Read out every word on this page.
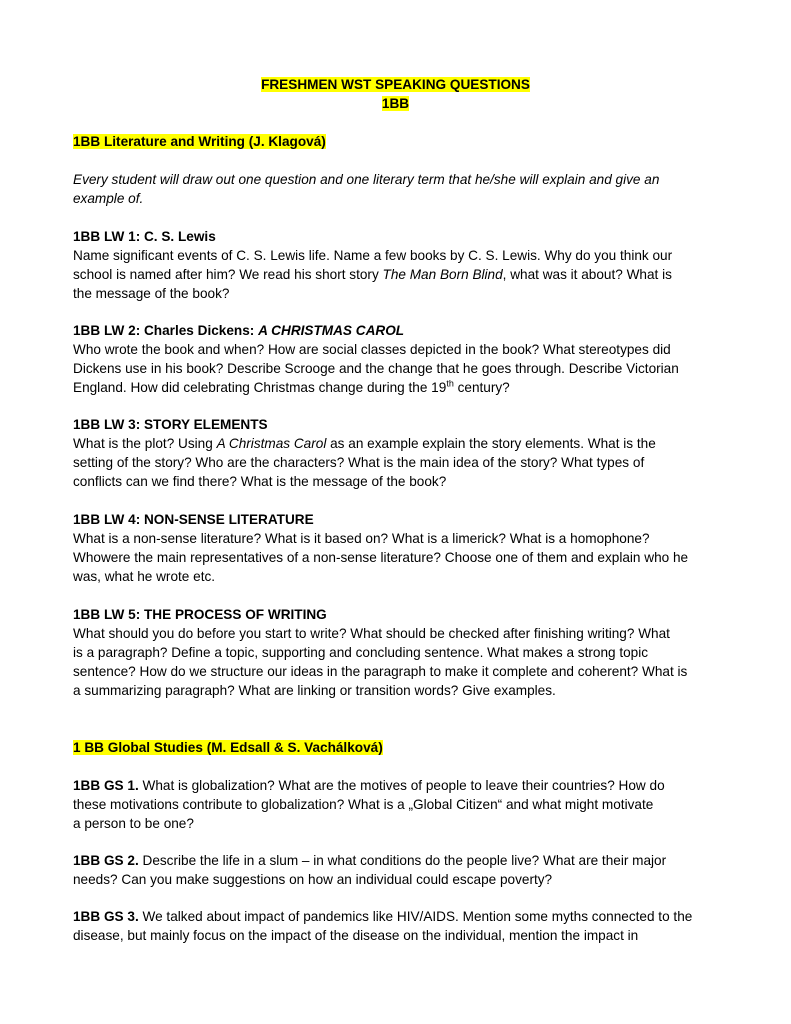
FRESHMEN WST SPEAKING QUESTIONS
1BB
1BB Literature and Writing (J. Klagová)
Every student will draw out one question and one literary term that he/she will explain and give an
example of.
1BB LW 1: C. S. Lewis
Name significant events of C. S. Lewis life. Name a few books by C. S. Lewis. Why do you think our
school is named after him? We read his short story The Man Born Blind, what was it about? What is
the message of the book?
1BB LW 2: Charles Dickens: A CHRISTMAS CAROL
Who wrote the book and when? How are social classes depicted in the book? What stereotypes did
Dickens use in his book? Describe Scrooge and the change that he goes through. Describe Victorian
England. How did celebrating Christmas change during the 19th century?
1BB LW 3: STORY ELEMENTS
What is the plot? Using A Christmas Carol as an example explain the story elements. What is the
setting of the story? Who are the characters? What is the main idea of the story? What types of
conflicts can we find there? What is the message of the book?
1BB LW 4: NON-SENSE LITERATURE
What is a non-sense literature? What is it based on? What is a limerick? What is a homophone?
Whowere the main representatives of a non-sense literature? Choose one of them and explain who he
was, what he wrote etc.
1BB LW 5: THE PROCESS OF WRITING
What should you do before you start to write? What should be checked after finishing writing? What
is a paragraph? Define a topic, supporting and concluding sentence. What makes a strong topic
sentence? How do we structure our ideas in the paragraph to make it complete and coherent? What is
a summarizing paragraph? What are linking or transition words? Give examples.
1 BB Global Studies (M. Edsall & S. Vachálková)
1BB GS 1. What is globalization? What are the motives of people to leave their countries? How do
these motivations contribute to globalization? What is a „Global Citizen“ and what might motivate
a person to be one?
1BB GS 2. Describe the life in a slum – in what conditions do the people live? What are their major
needs? Can you make suggestions on how an individual could escape poverty?
1BB GS 3. We talked about impact of pandemics like HIV/AIDS. Mention some myths connected to the
disease, but mainly focus on the impact of the disease on the individual, mention the impact in
